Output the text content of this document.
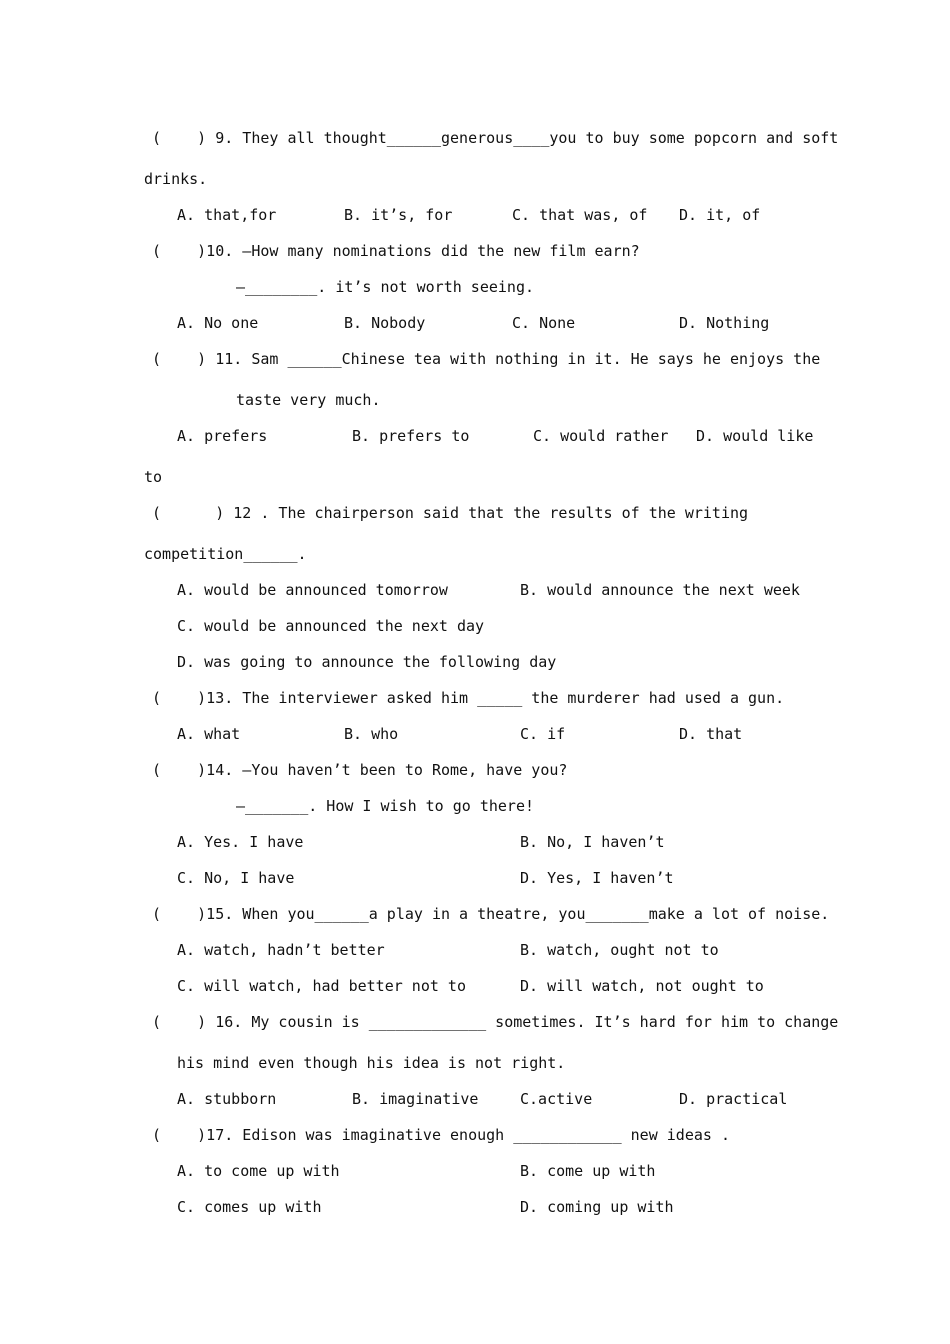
(    ) 9. They all thought______generous____you to buy some popcorn and soft
drinks.
A. that,for	B. it’s, for	C. that was, of D. it, of
(    )10. —How many nominations did the new film earn?
—________. it’s not worth seeing.
A. No one	B. Nobody	C. None	D. Nothing
(    ) 11. Sam ______Chinese tea with nothing in it. He says he enjoys the
taste very much.
A. prefers	B. prefers to	C. would rather D. would like
to
(      ) 12 . The chairperson said that the results of the writing
competition______.
A. would be announced tomorrow	B. would announce the next week
C. would be announced the next day
D. was going to announce the following day
(    )13. The interviewer asked him _____ the murderer had used a gun.
A. what	B. who	C. if	D. that
(    )14. —You haven’t been to Rome, have you?
—_______. How I wish to go there!
A. Yes. I have	B. No, I haven’t
C. No, I have	D. Yes, I haven’t
(    )15. When you______a play in a theatre, you_______make a lot of noise.
A. watch, hadn’t better	B. watch, ought not to
C. will watch, had better not to	D. will watch, not ought to
(    ) 16. My cousin is _____________ sometimes. It’s hard for him to change
his mind even though his idea is not right.
A. stubborn	B. imaginative	C.active	D. practical
(    )17. Edison was imaginative enough ____________ new ideas .
A. to come up with	B. come up with
C. comes up with	D. coming up with
